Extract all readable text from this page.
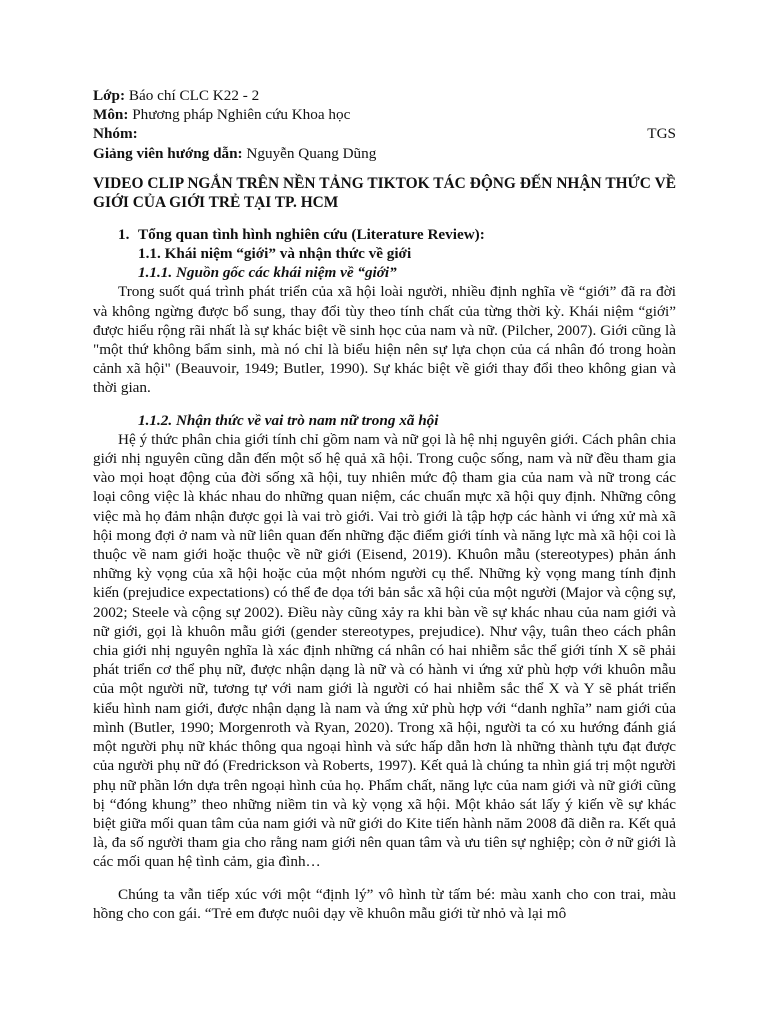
Lớp: Báo chí CLC K22 - 2

Môn: Phương pháp Nghiên cứu Khoa học

Nhóm:	TGS

Giảng viên hướng dẫn: Nguyễn Quang Dũng

VIDEO CLIP NGẮN TRÊN NỀN TẢNG TIKTOK TÁC ĐỘNG ĐẾN NHẬN THỨC VỀ GIỚI CỦA GIỚI TRẺ TẠI TP. HCM
1. Tổng quan tình hình nghiên cứu (Literature Review):
1.1. Khái niệm “giới” và nhận thức về giới
1.1.1. Nguồn gốc các khái niệm về “giới”

Trong suốt quá trình phát triển của xã hội loài người, nhiều định nghĩa về “giới” đã ra đời và không ngừng được bổ sung, thay đổi tùy theo tính chất của từng thời kỳ. Khái niệm “giới” được hiểu rộng rãi nhất là sự khác biệt về sinh học của nam và nữ. (Pilcher, 2007). Giới cũng là "một thứ không bẩm sinh, mà nó chỉ là biểu hiện nên sự lựa chọn của cá nhân đó trong hoàn cảnh xã hội" (Beauvoir, 1949; Butler, 1990). Sự khác biệt về giới thay đổi theo không gian và thời gian.

1.1.2. Nhận thức về vai trò nam nữ trong xã hội

Hệ ý thức phân chia giới tính chỉ gồm nam và nữ gọi là hệ nhị nguyên giới. Cách phân chia giới nhị nguyên cũng dẫn đến một số hệ quả xã hội. Trong cuộc sống, nam và nữ đều tham gia vào mọi hoạt động của đời sống xã hội, tuy nhiên mức độ tham gia của nam và nữ trong các loại công việc là khác nhau do những quan niệm, các chuẩn mực xã hội quy định. Những công việc mà họ đảm nhận được gọi là vai trò giới. Vai trò giới là tập hợp các hành vi ứng xử mà xã hội mong đợi ở nam và nữ liên quan đến những đặc điểm giới tính và năng lực mà xã hội coi là thuộc về nam giới hoặc thuộc về nữ giới (Eisend, 2019). Khuôn mẫu (stereotypes) phản ánh những kỳ vọng của xã hội hoặc của một nhóm người cụ thể. Những kỳ vọng mang tính định kiến (prejudice expectations) có thể đe dọa tới bản sắc xã hội của một người (Major và cộng sự, 2002; Steele và cộng sự 2002). Điều này cũng xảy ra khi bàn về sự khác nhau của nam giới và nữ giới, gọi là khuôn mẫu giới (gender stereotypes, prejudice). Như vậy, tuân theo cách phân chia giới nhị nguyên nghĩa là xác định những cá nhân có hai nhiễm sắc thể giới tính X sẽ phải phát triển cơ thể phụ nữ, được nhận dạng là nữ và có hành vi ứng xử phù hợp với khuôn mẫu của một người nữ, tương tự với nam giới là người có hai nhiễm sắc thể X và Y sẽ phát triển kiểu hình nam giới, được nhận dạng là nam và ứng xử phù hợp với “danh nghĩa” nam giới của mình (Butler, 1990; Morgenroth và Ryan, 2020). Trong xã hội, người ta có xu hướng đánh giá một người phụ nữ khác thông qua ngoại hình và sức hấp dẫn hơn là những thành tựu đạt được của người phụ nữ đó (Fredrickson và Roberts, 1997). Kết quả là chúng ta nhìn giá trị một người phụ nữ phần lớn dựa trên ngoại hình của họ. Phẩm chất, năng lực của nam giới và nữ giới cũng bị “đóng khung” theo những niềm tin và kỳ vọng xã hội. Một khảo sát lấy ý kiến về sự khác biệt giữa mối quan tâm của nam giới và nữ giới do Kite tiến hành năm 2008 đã diễn ra. Kết quả là, đa số người tham gia cho rằng nam giới nên quan tâm và ưu tiên sự nghiệp; còn ở nữ giới là các mối quan hệ tình cảm, gia đình…

Chúng ta vẫn tiếp xúc với một “định lý” vô hình từ tấm bé: màu xanh cho con trai, màu hồng cho con gái. “Trẻ em được nuôi dạy về khuôn mẫu giới từ nhỏ và lại mô
